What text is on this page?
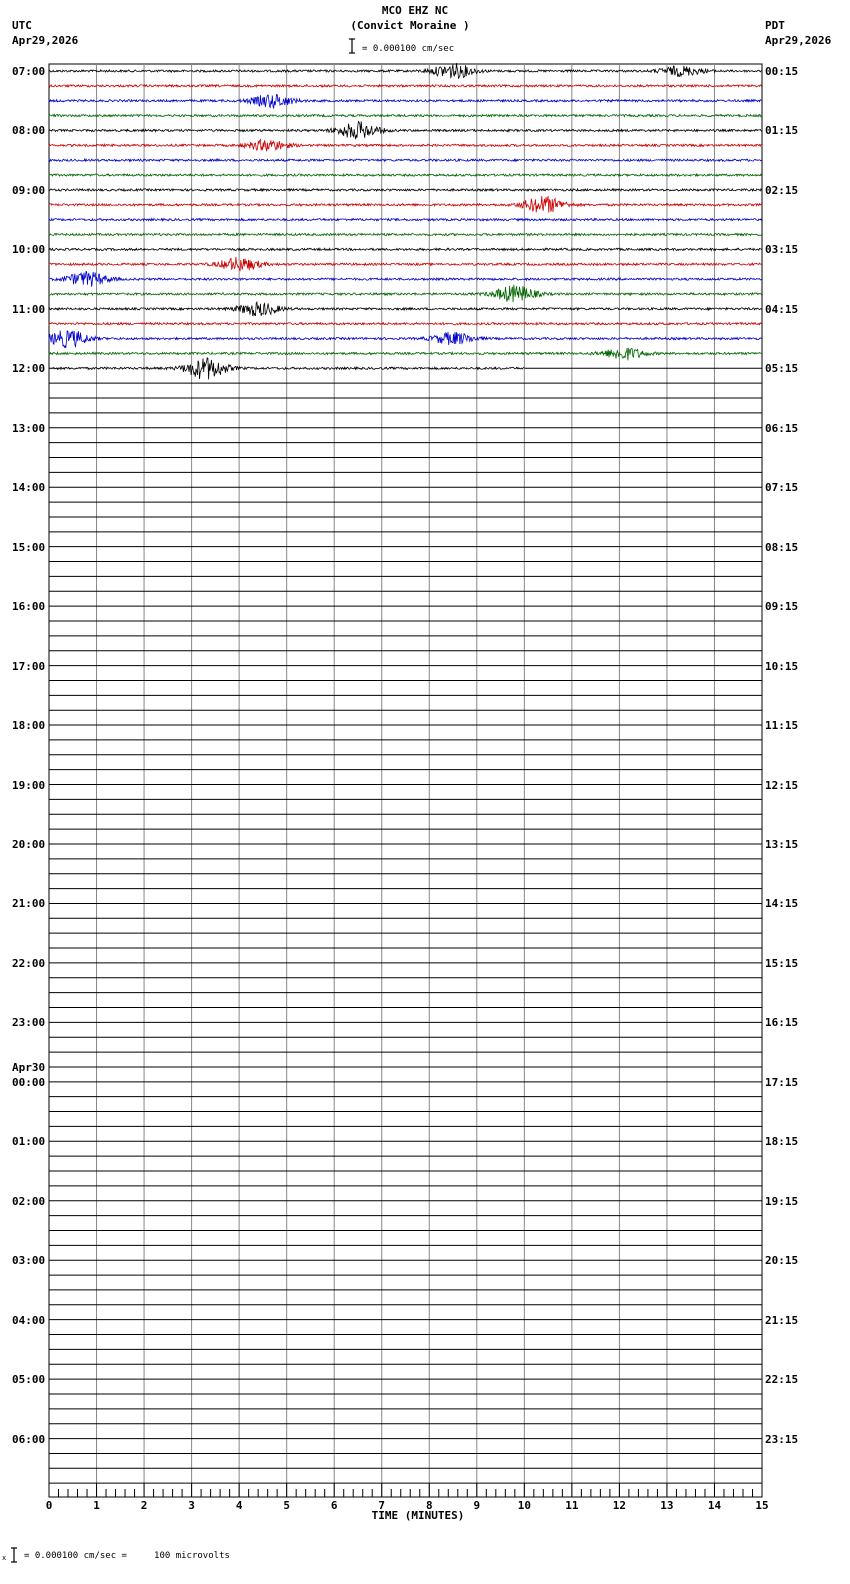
MCO EHZ NC
(Convict Moraine )
= 0.000100 cm/sec
UTC
Apr29,2026
PDT
Apr29,2026
07:00
08:00
09:00
10:00
11:00
12:00
13:00
14:00
15:00
16:00
17:00
18:00
19:00
20:00
21:00
22:00
23:00
00:00
01:00
02:00
03:00
04:00
05:00
06:00
00:15
01:15
02:15
03:15
04:15
05:15
06:15
07:15
08:15
09:15
10:15
11:15
12:15
13:15
14:15
15:15
16:15
17:15
18:15
19:15
20:15
21:15
22:15
23:15
Apr30
0	1	2	3	4	5	6	7	8	9	10	11	12	13	14	15
TIME (MINUTES)
x = 0.000100 cm/sec =     100 microvolts
